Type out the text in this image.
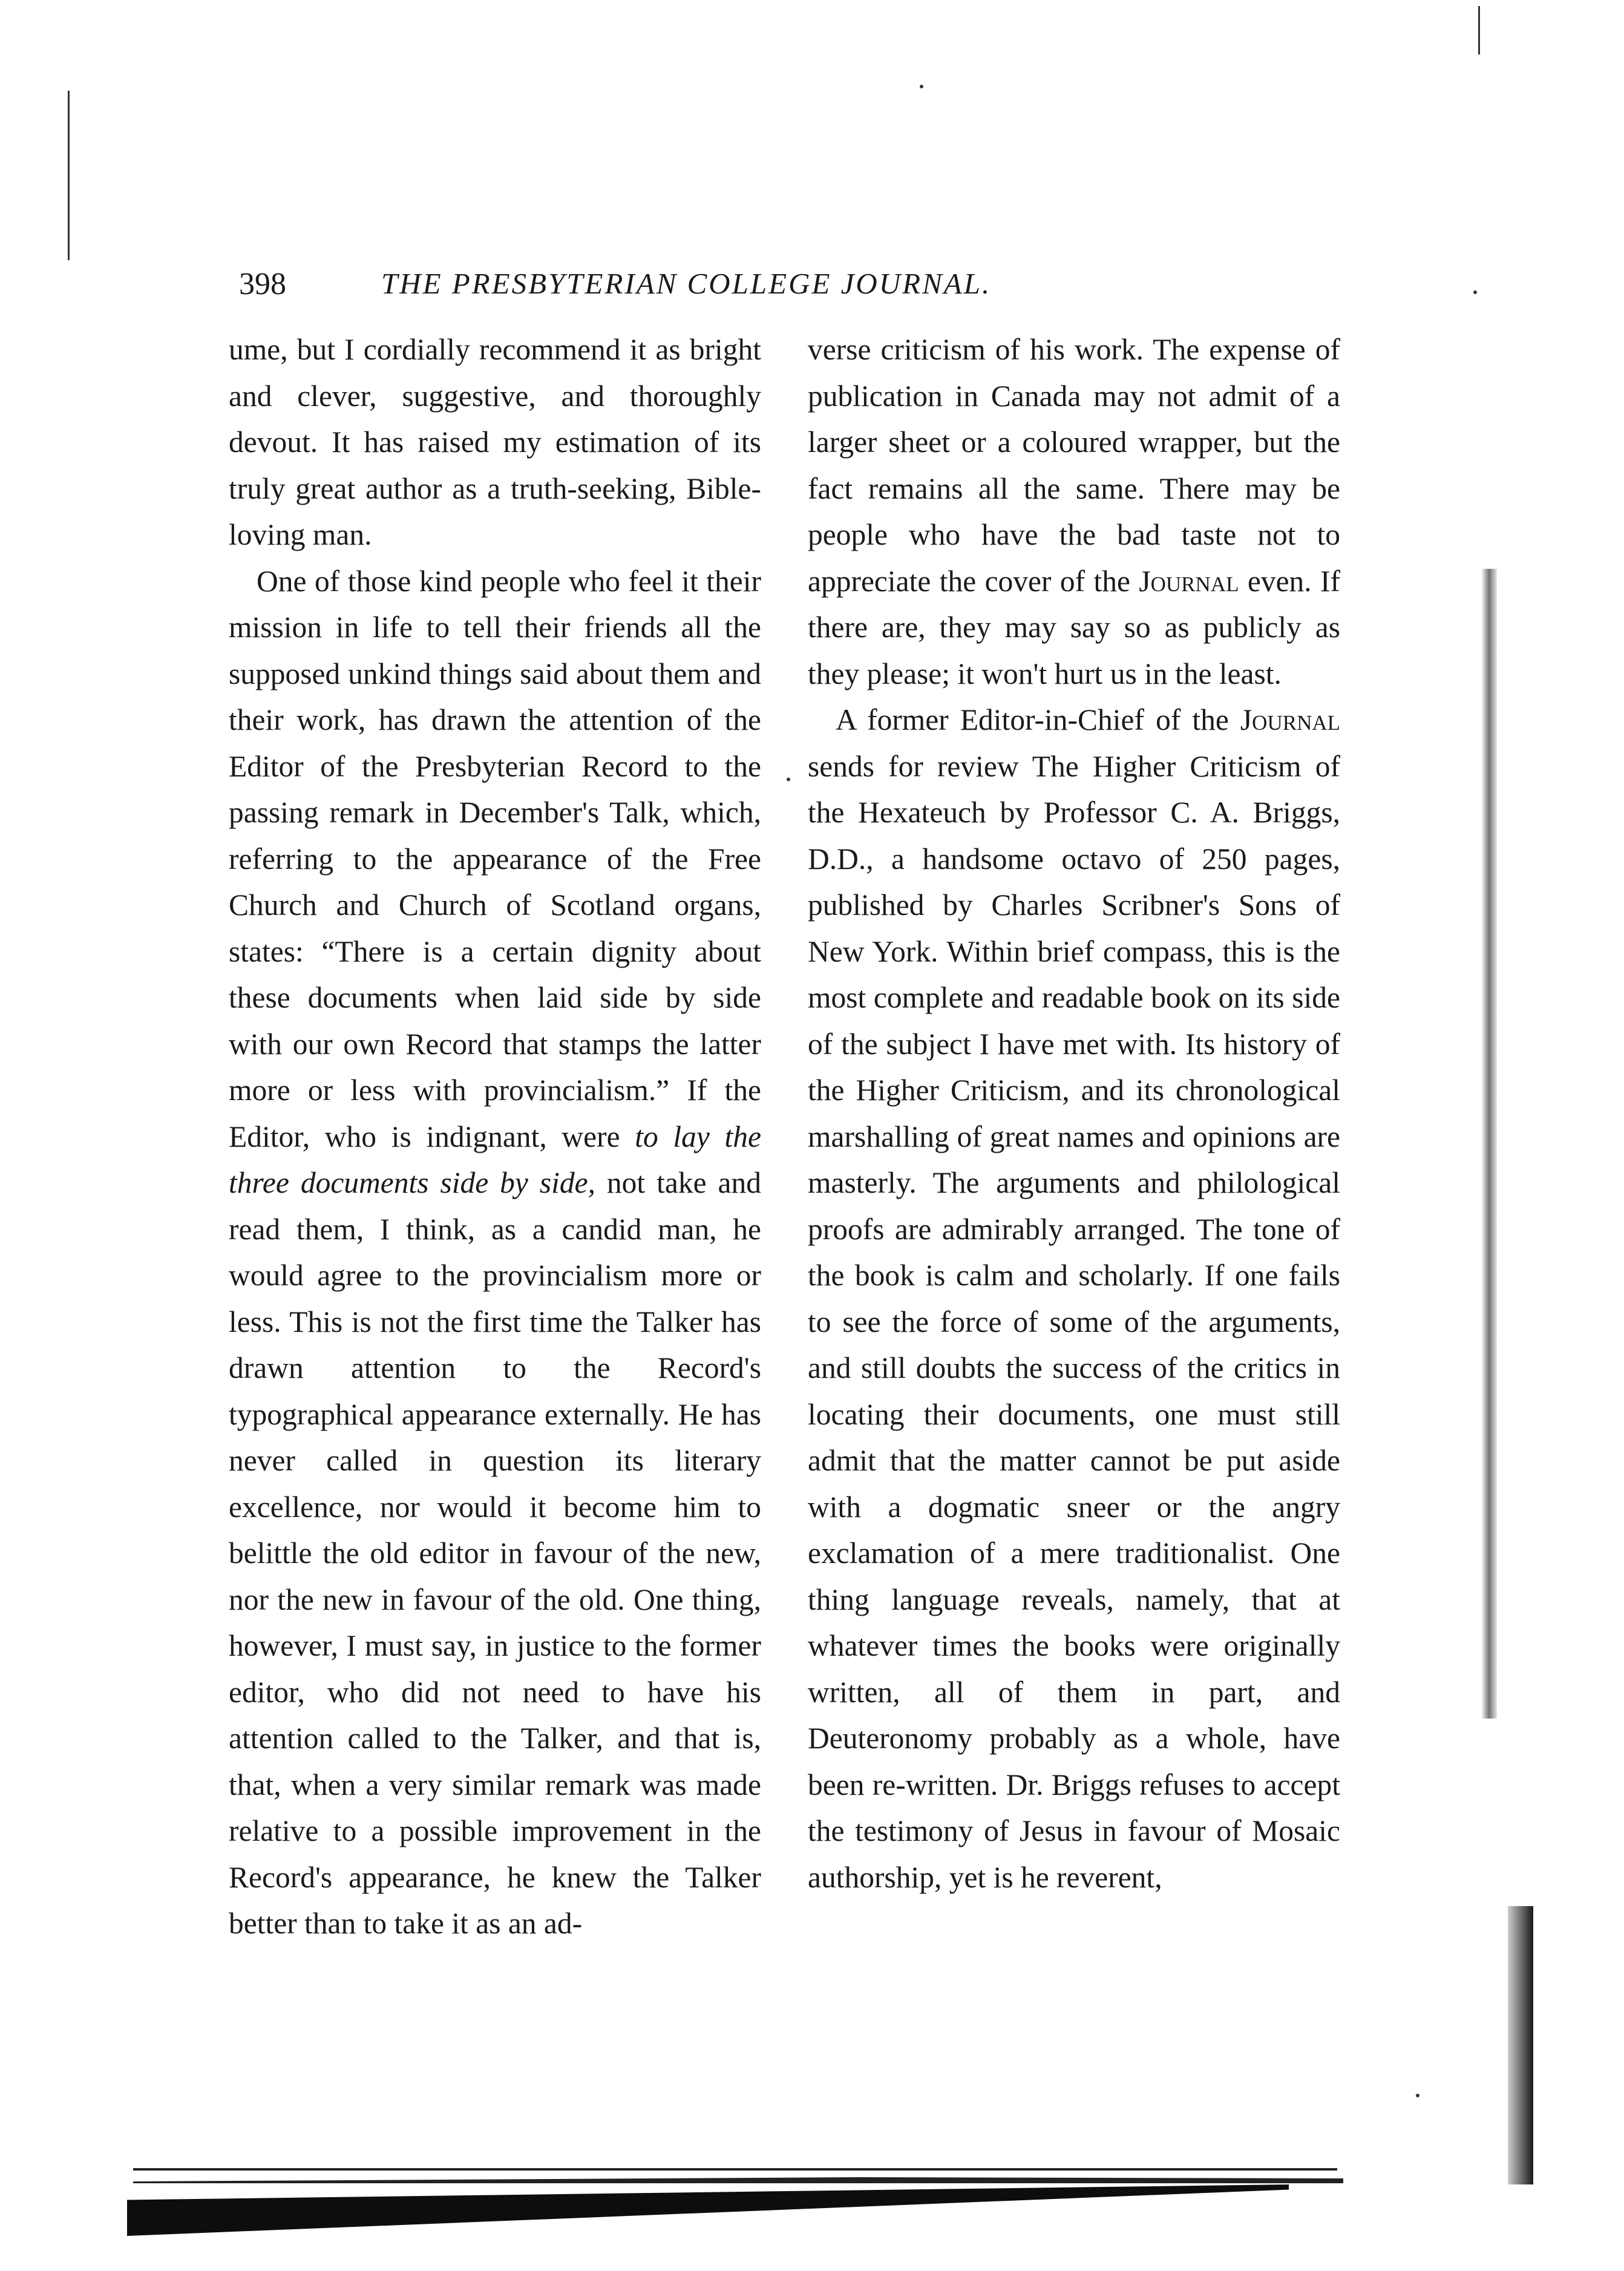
398	THE PRESBYTERIAN COLLEGE JOURNAL.

ume, but I cordially recommend it as bright and clever, suggestive, and thoroughly devout. It has raised my estimation of its truly great author as a truth-seeking, Bible-loving man.

One of those kind people who feel it their mission in life to tell their friends all the supposed unkind things said about them and their work, has drawn the attention of the Editor of the Presbyterian Record to the passing remark in December's Talk, which, referring to the appearance of the Free Church and Church of Scotland organs, states: “There is a certain dignity about these documents when laid side by side with our own Record that stamps the latter more or less with provincialism.” If the Editor, who is indignant, were to lay the three documents side by side, not take and read them, I think, as a candid man, he would agree to the provincialism more or less. This is not the first time the Talker has drawn attention to the Record's typographical appearance externally. He has never called in question its literary excellence, nor would it become him to belittle the old editor in favour of the new, nor the new in favour of the old. One thing, however, I must say, in justice to the former editor, who did not need to have his attention called to the Talker, and that is, that, when a very similar remark was made relative to a possible improvement in the Record's appearance, he knew the Talker better than to take it as an ad-

verse criticism of his work. The expense of publication in Canada may not admit of a larger sheet or a coloured wrapper, but the fact remains all the same. There may be people who have the bad taste not to appreciate the cover of the Journal even. If there are, they may say so as publicly as they please; it won't hurt us in the least.

A former Editor-in-Chief of the Journal sends for review The Higher Criticism of the Hexateuch by Professor C. A. Briggs, D.D., a handsome octavo of 250 pages, published by Charles Scribner's Sons of New York. Within brief compass, this is the most complete and readable book on its side of the subject I have met with. Its history of the Higher Criticism, and its chronological marshalling of great names and opinions are masterly. The arguments and philological proofs are admirably arranged. The tone of the book is calm and scholarly. If one fails to see the force of some of the arguments, and still doubts the success of the critics in locating their documents, one must still admit that the matter cannot be put aside with a dogmatic sneer or the angry exclamation of a mere traditionalist. One thing language reveals, namely, that at whatever times the books were originally written, all of them in part, and Deuteronomy probably as a whole, have been re-written. Dr. Briggs refuses to accept the testimony of Jesus in favour of Mosaic authorship, yet is he reverent,
